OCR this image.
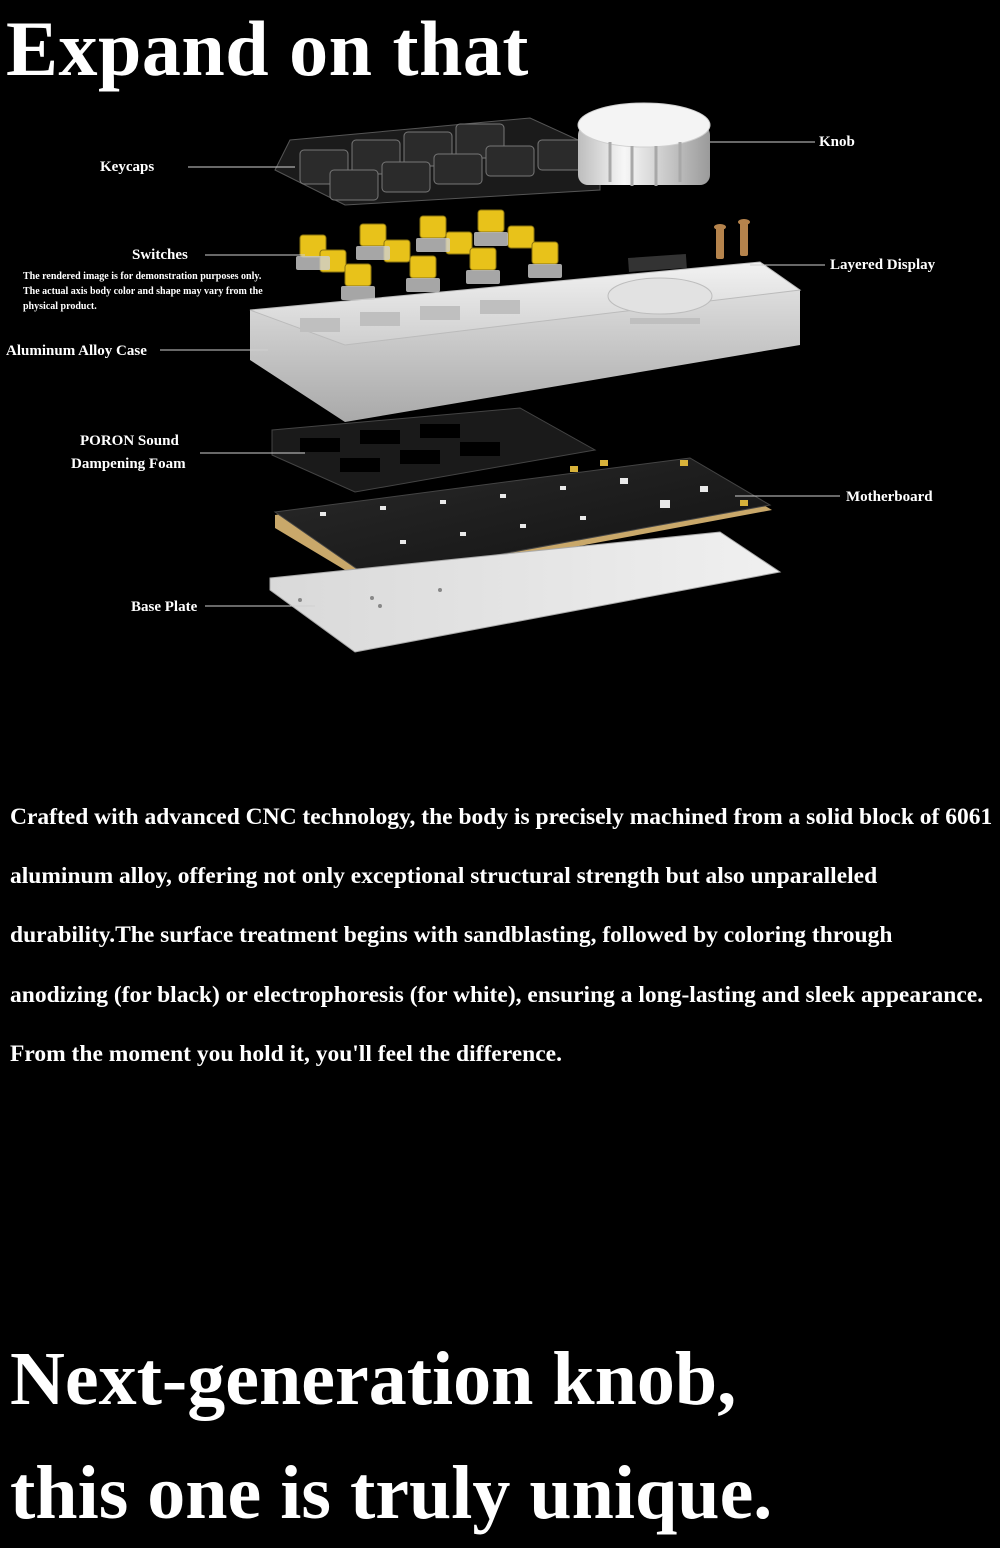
Expand on that
Keycaps
Knob
Switches
Layered Display
Aluminum Alloy Case
PORON Sound
Dampening Foam
Motherboard
Base Plate
The rendered image is for demonstration purposes only.
The actual axis body color and shape may vary from the
physical product.

Crafted with advanced CNC technology, the body is precisely machined from a solid block of 6061 aluminum alloy, offering not only exceptional structural strength but also unparalleled durability.The surface treatment begins with sandblasting, followed by coloring through anodizing (for black) or electrophoresis (for white), ensuring a long-lasting and sleek appearance. From the moment you hold it, you'll feel the difference.

Next-generation knob,
this one is truly unique.
